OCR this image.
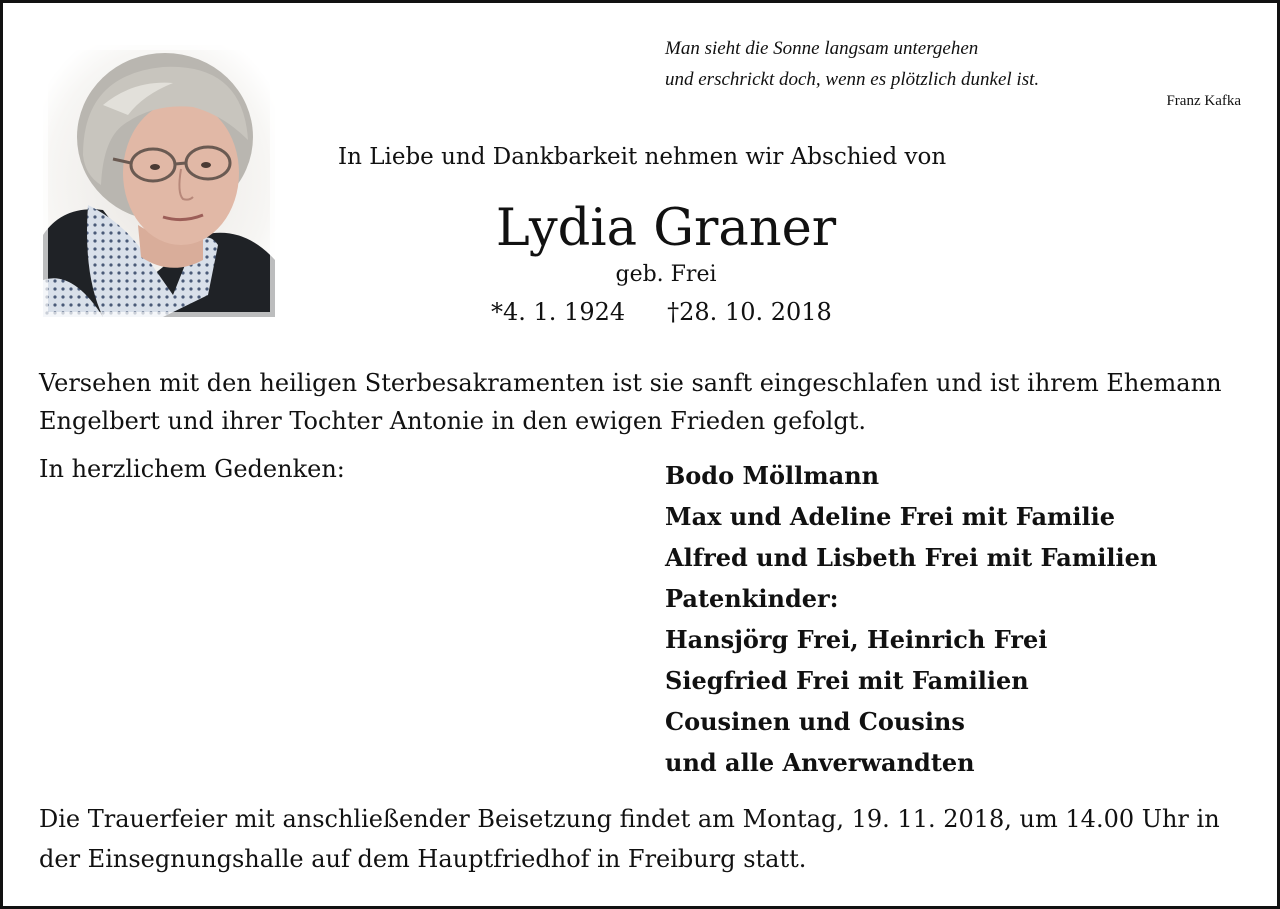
Man sieht die Sonne langsam untergehen
und erschrickt doch, wenn es plötzlich dunkel ist.
Franz Kafka
In Liebe und Dankbarkeit nehmen wir Abschied von
Lydia Graner
geb. Frei
*4. 1. 1924 †28. 10. 2018
Versehen mit den heiligen Sterbesakramenten ist sie sanft eingeschlafen und ist ihrem Ehemann Engelbert und ihrer Tochter Antonie in den ewigen Frieden gefolgt.
In herzlichem Gedenken:	Bodo Möllmann
Max und Adeline Frei mit Familie
Alfred und Lisbeth Frei mit Familien
Patenkinder:
Hansjörg Frei, Heinrich Frei
Siegfried Frei mit Familien
Cousinen und Cousins
und alle Anverwandten
Die Trauerfeier mit anschließender Beisetzung findet am Montag, 19. 11. 2018, um 14.00 Uhr in der Einsegnungshalle auf dem Hauptfriedhof in Freiburg statt.
